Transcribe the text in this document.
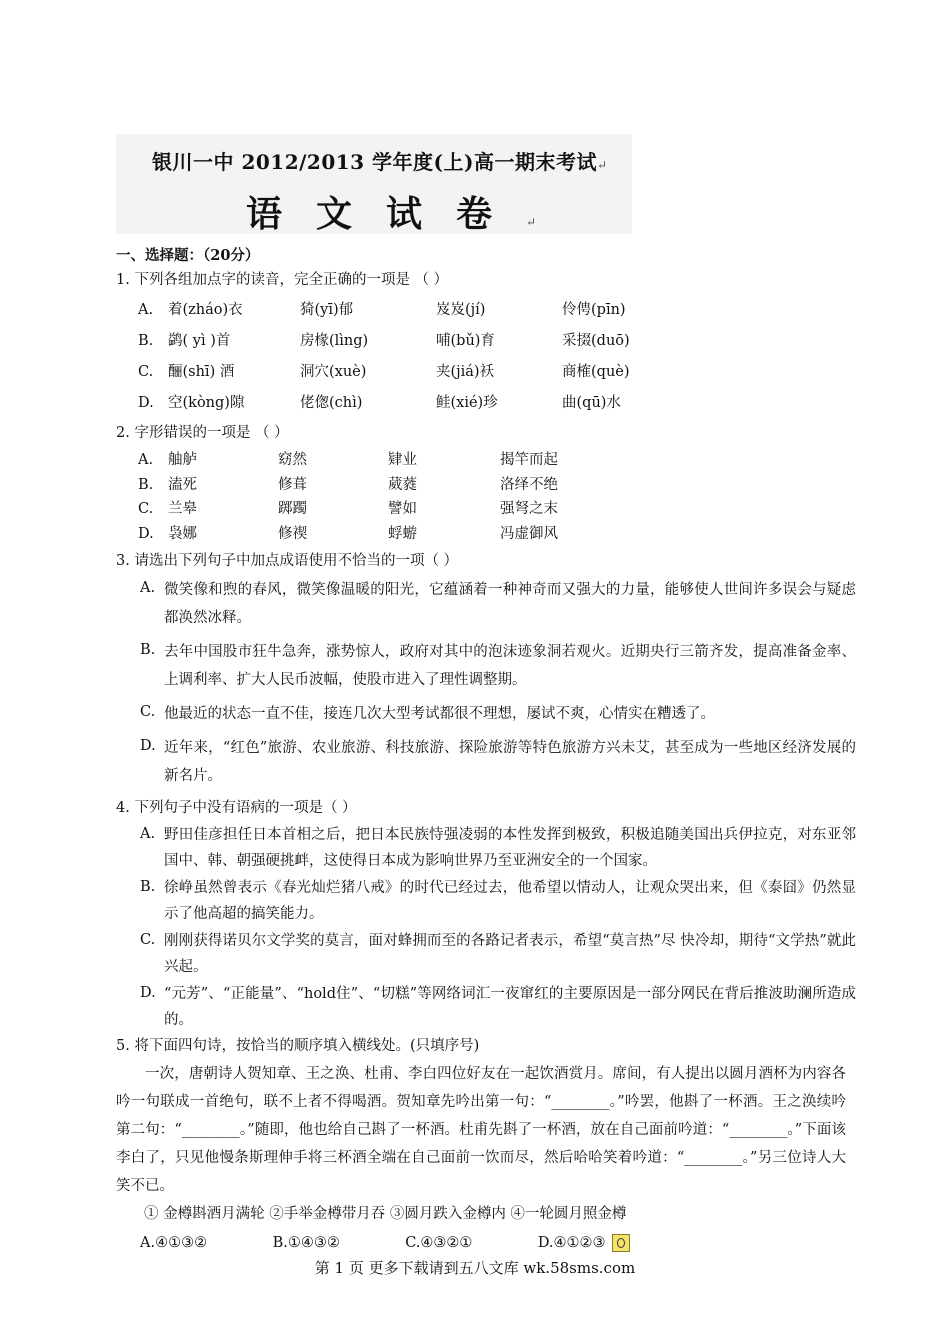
银川一中 2012/2013 学年度(上)高一期末考试↵
语文试卷↵
一、选择题：（20分）
1. 下列各组加点字的读音，完全正确的一项是 （ ）
A.	着(zháo)衣	猗(yī)郁	岌岌(jí)	伶俜(pīn)
B.	鹢( yì )首	房椽(lìng)	哺(bǔ)育	采掇(duō)
C.	酾(shī) 酒	洞穴(xuè)	夹(jiá)袄	商榷(què)
D. 空(kòng)隙	佬偬(chì)	鲑(xié)珍	曲(qū)水
2. 字形错误的一项是 （ ）
A.	舳舻	窈然	肄业	揭竿而起
B.	溘死	修葺	葳蕤	洛绎不绝
C.	兰皋	踯躅	譬如	强弩之末
D. 袅娜	修禊	蜉蝣	冯虚御风
3. 请选出下列句子中加点成语使用不恰当的一项（ ）
A. 微笑像和煦的春风，微笑像温暖的阳光，它蕴涵着一种神奇而又强大的力量，能够使人世间许多误会与疑虑都涣然冰释。
B. 去年中国股市狂牛急奔，涨势惊人，政府对其中的泡沫迹象洞若观火。近期央行三箭齐发，提高准备金率、上调利率、扩大人民币波幅，使股市进入了理性调整期。
C. 他最近的状态一直不佳，接连几次大型考试都很不理想，屡试不爽，心情实在糟透了。
D. 近年来，“红色”旅游、农业旅游、科技旅游、探险旅游等特色旅游方兴未艾，甚至成为一些地区经济发展的新名片。
4. 下列句子中没有语病的一项是（ ）
A. 野田佳彦担任日本首相之后，把日本民族恃强凌弱的本性发挥到极致，积极追随美国出兵伊拉克，对东亚邻国中、韩、朝强硬挑衅，这使得日本成为影响世界乃至亚洲安全的一个国家。
B. 徐峥虽然曾表示《春光灿烂猪八戒》的时代已经过去，他希望以情动人，让观众哭出来，但《泰囧》仍然显示了他高超的搞笑能力。
C. 刚刚获得诺贝尔文学奖的莫言，面对蜂拥而至的各路记者表示，希望“莫言热”尽 快冷却，期待“文学热”就此兴起。
D. “元芳”、“正能量”、“hold住”、“切糕”等网络词汇一夜窜红的主要原因是一部分网民在背后推波助澜所造成的。
5. 将下面四句诗，按恰当的顺序填入横线处。(只填序号)
一次，唐朝诗人贺知章、王之涣、杜甫、李白四位好友在一起饮酒赏月。席间，有人提出以圆月酒杯为内容各吟一句联成一首绝句，联不上者不得喝酒。贺知章先吟出第一句：“________。”吟罢，他斟了一杯酒。王之涣续吟第二句：“________。”随即，他也给自己斟了一杯酒。杜甫先斟了一杯酒，放在自己面前吟道：“________。”下面该李白了，只见他慢条斯理伸手将三杯酒全端在自己面前一饮而尽，然后哈哈笑着吟道：“________。”另三位诗人大笑不已。
① 金樽斟酒月满轮 ②手举金樽带月吞 ③圆月跌入金樽内 ④一轮圆月照金樽
A.④①③②	B.①④③②	C.④③②①	D.④①②③
第 1 页 更多下载请到五八文库 wk.58sms.com
